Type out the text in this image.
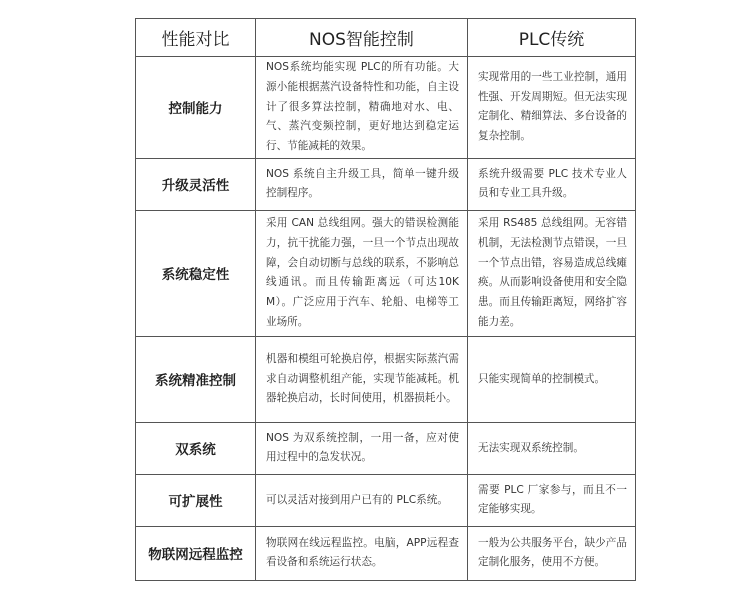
性能对比	NOS智能控制	PLC传统
控制能力	NOS系统均能实现 PLC的所有功能。大源小能根据蒸汽设备特性和功能，自主设计了很多算法控制，精确地对水、电、气、蒸汽变频控制，更好地达到稳定运行、节能减耗的效果。	实现常用的一些工业控制，通用性强、开发周期短。但无法实现定制化、精细算法、多台设备的复杂控制。
升级灵活性	NOS 系统自主升级工具，简单一键升级控制程序。	系统升级需要 PLC 技术专业人员和专业工具升级。
系统稳定性	采用 CAN 总线组网。强大的错误检测能力，抗干扰能力强，一旦一个节点出现故障，会自动切断与总线的联系，不影响总线通讯。而且传输距离远（可达10KM）。广泛应用于汽车、轮船、电梯等工业场所。	采用 RS485 总线组网。无容错机制，无法检测节点错误，一旦一个节点出错，容易造成总线瘫痪。从而影响设备使用和安全隐患。而且传输距离短，网络扩容能力差。
系统精准控制	机器和模组可轮换启停，根据实际蒸汽需求自动调整机组产能，实现节能减耗。机器轮换启动，长时间使用，机器损耗小。	只能实现简单的控制模式。
双系统	NOS 为双系统控制，一用一备，应对使用过程中的急发状况。	无法实现双系统控制。
可扩展性	可以灵活对接到用户已有的 PLC系统。	需要 PLC 厂家参与，而且不一定能够实现。
物联网远程监控	物联网在线远程监控。电脑，APP远程查看设备和系统运行状态。	一般为公共服务平台，缺少产品定制化服务，使用不方便。
